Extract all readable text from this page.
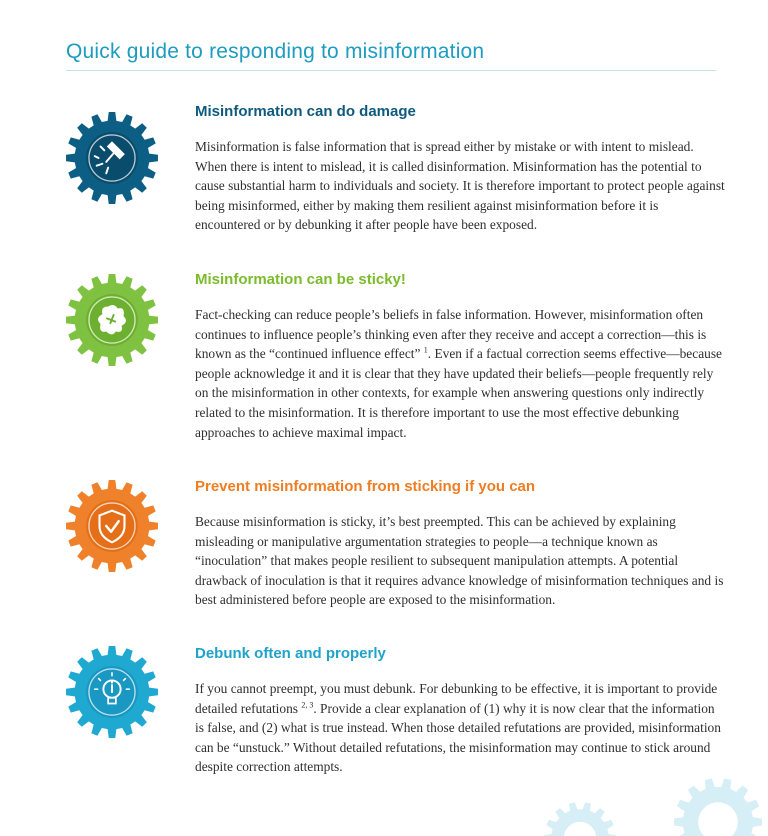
Quick guide to responding to misinformation
Misinformation can do damage
Misinformation is false information that is spread either by mistake or with intent to mislead. When there is intent to mislead, it is called disinformation. Misinformation has the potential to cause substantial harm to individuals and society. It is therefore important to protect people against being misinformed, either by making them resilient against misinformation before it is encountered or by debunking it after people have been exposed.
Misinformation can be sticky!
Fact-checking can reduce people’s beliefs in false information. However, misinformation often continues to influence people’s thinking even after they receive and accept a correction—this is known as the “continued influence effect” $^1$. Even if a factual correction seems effective—because people acknowledge it and it is clear that they have updated their beliefs—people frequently rely on the misinformation in other contexts, for example when answering questions only indirectly related to the misinformation. It is therefore important to use the most effective debunking approaches to achieve maximal impact.
Prevent misinformation from sticking if you can
Because misinformation is sticky, it’s best preempted. This can be achieved by explaining misleading or manipulative argumentation strategies to people—a technique known as “inoculation” that makes people resilient to subsequent manipulation attempts. A potential drawback of inoculation is that it requires advance knowledge of misinformation techniques and is best administered before people are exposed to the misinformation.
Debunk often and properly
If you cannot preempt, you must debunk. For debunking to be effective, it is important to provide detailed refutations $^{2, 3}$. Provide a clear explanation of (1) why it is now clear that the information is false, and (2) what is true instead. When those detailed refutations are provided, misinformation can be “unstuck.” Without detailed refutations, the misinformation may continue to stick around despite correction attempts.
